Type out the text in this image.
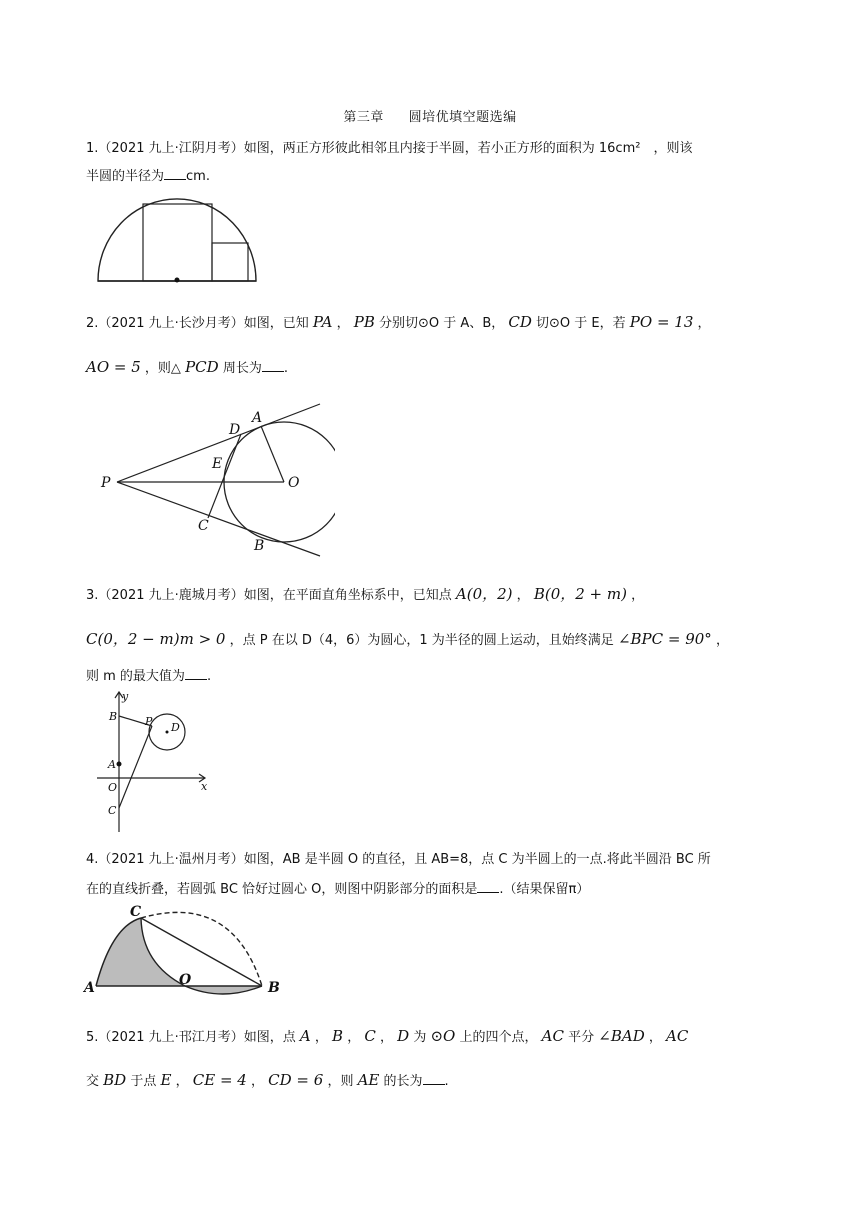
第三章 圆培优填空题选编
1.（2021 九上·江阴月考）如图，两正方形彼此相邻且内接于半圆，若小正方形的面积为 16cm²　，则该
半圆的半径为 cm.
2.（2021 九上·长沙月考）如图，已知 PA ， PB 分别切⊙O 于 A、B， CD 切⊙O 于 E，若 PO = 13 ，
AO = 5 ，则△ PCD 周长为 .
P	O
A
B
C
D
E
3.（2021 九上·鹿城月考）如图，在平面直角坐标系中，已知点 A(0，2) ， B(0，2 + m) ，
C(0，2 − m)m > 0 ，点 P 在以 D（4，6）为圆心，1 为半径的圆上运动，且始终满足 ∠BPC = 90° ，
则 m 的最大值为 .
y
x
B	P D
A
O
C
4.（2021 九上·温州月考）如图，AB 是半圆 O 的直径，且 AB=8，点 C 为半圆上的一点.将此半圆沿 BC 所
在的直线折叠，若圆弧 BC 恰好过圆心 O，则图中阴影部分的面积是 .（结果保留π）
A	B
C
O
5.（2021 九上·邗江月考）如图，点 A ， B ， C ， D 为 ⊙O 上的四个点， AC 平分 ∠BAD ， AC
交 BD 于点 E ， CE = 4 ， CD = 6 ，则 AE 的长为 .
